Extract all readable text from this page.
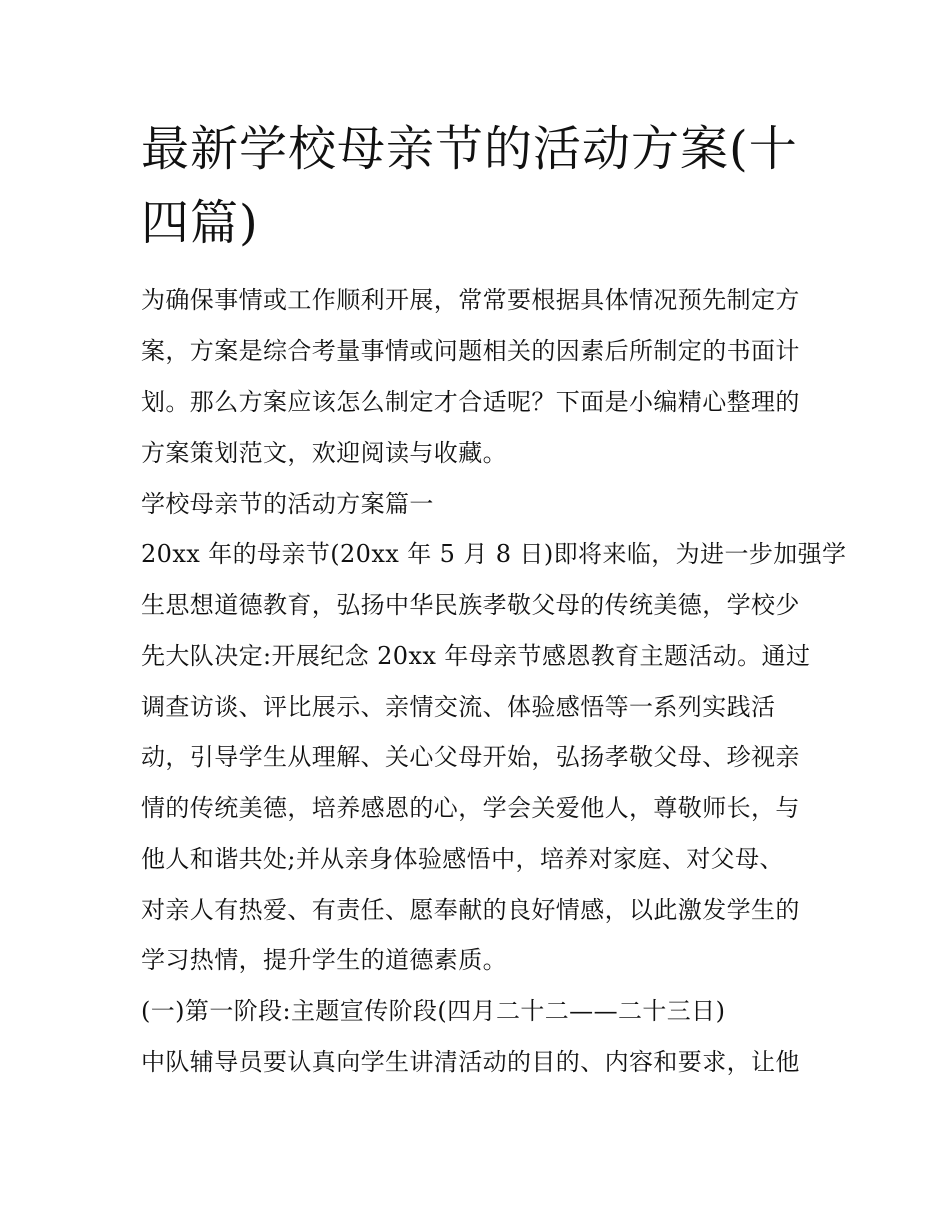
最新学校母亲节的活动方案(十
四篇)

为确保事情或工作顺利开展，常常要根据具体情况预先制定方

案，方案是综合考量事情或问题相关的因素后所制定的书面计

划。那么方案应该怎么制定才合适呢？下面是小编精心整理的

方案策划范文，欢迎阅读与收藏。

学校母亲节的活动方案篇一

20xx 年的母亲节(20xx 年 5 月 8 日)即将来临，为进一步加强学

生思想道德教育，弘扬中华民族孝敬父母的传统美德，学校少

先大队决定:开展纪念 20xx 年母亲节感恩教育主题活动。通过

调查访谈、评比展示、亲情交流、体验感悟等一系列实践活

动，引导学生从理解、关心父母开始，弘扬孝敬父母、珍视亲

情的传统美德，培养感恩的心，学会关爱他人，尊敬师长，与

他人和谐共处;并从亲身体验感悟中，培养对家庭、对父母、

对亲人有热爱、有责任、愿奉献的良好情感，以此激发学生的

学习热情，提升学生的道德素质。

(一)第一阶段:主题宣传阶段(四月二十二——二十三日)

中队辅导员要认真向学生讲清活动的目的、内容和要求，让他
